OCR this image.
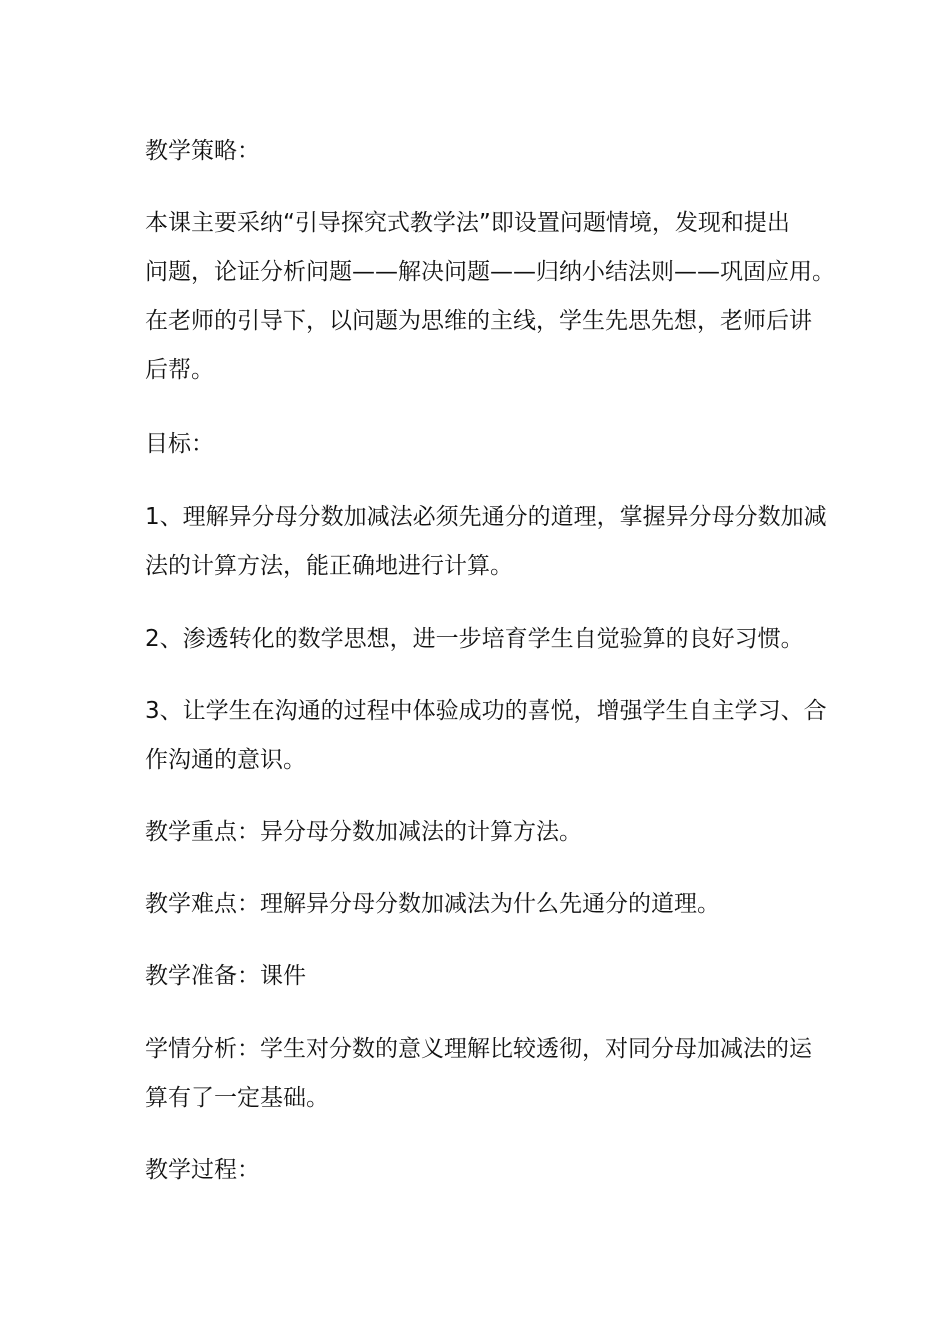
教学策略：

本课主要采纳“引导探究式教学法”即设置问题情境，发现和提出
问题，论证分析问题——解决问题——归纳小结法则——巩固应用。
在老师的引导下，以问题为思维的主线，学生先思先想，老师后讲
后帮。

目标：

1、理解异分母分数加减法必须先通分的道理，掌握异分母分数加减
法的计算方法，能正确地进行计算。

2、渗透转化的数学思想，进一步培育学生自觉验算的良好习惯。

3、让学生在沟通的过程中体验成功的喜悦，增强学生自主学习、合
作沟通的意识。

教学重点：异分母分数加减法的计算方法。

教学难点：理解异分母分数加减法为什么先通分的道理。

教学准备：课件

学情分析：学生对分数的意义理解比较透彻，对同分母加减法的运
算有了一定基础。

教学过程：
